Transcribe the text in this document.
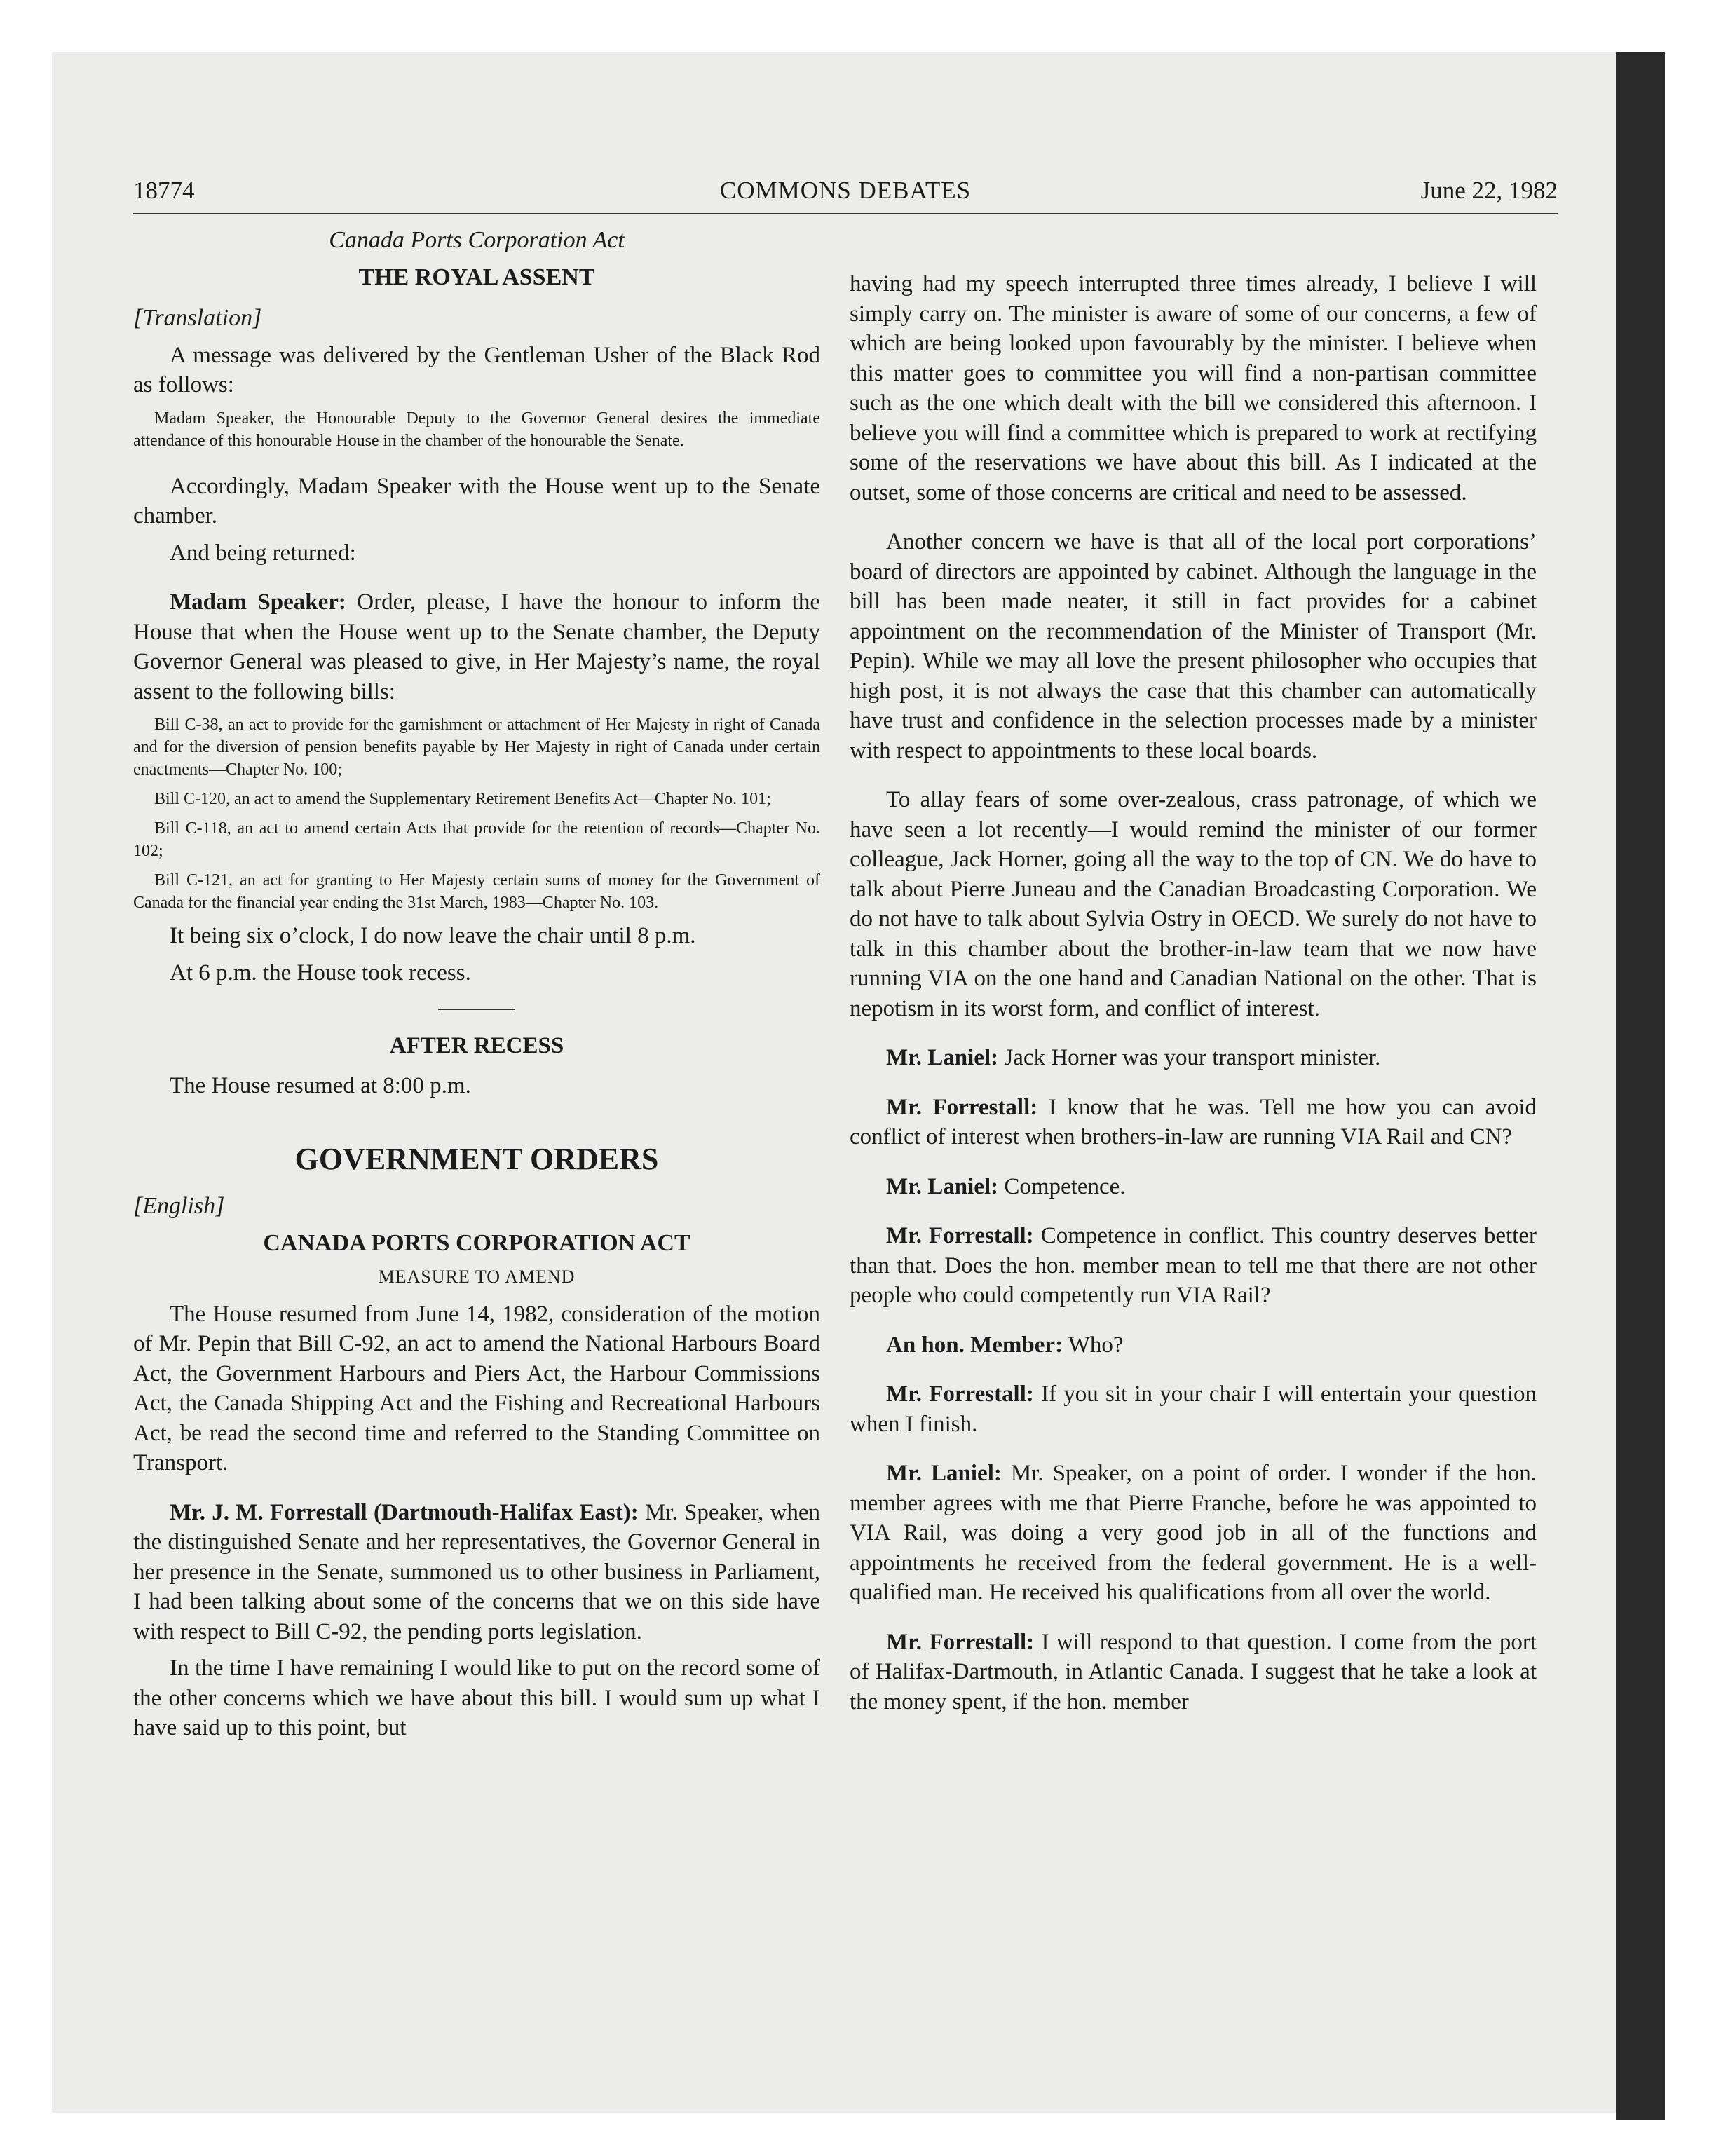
18774	COMMONS DEBATES	June 22, 1982

Canada Ports Corporation Act

THE ROYAL ASSENT

[Translation]

A message was delivered by the Gentleman Usher of the Black Rod as follows:

Madam Speaker, the Honourable Deputy to the Governor General desires the immediate attendance of this honourable House in the chamber of the honourable the Senate.

Accordingly, Madam Speaker with the House went up to the Senate chamber.

And being returned:

Madam Speaker: Order, please, I have the honour to inform the House that when the House went up to the Senate chamber, the Deputy Governor General was pleased to give, in Her Majesty’s name, the royal assent to the following bills:

Bill C-38, an act to provide for the garnishment or attachment of Her Majesty in right of Canada and for the diversion of pension benefits payable by Her Majesty in right of Canada under certain enactments—Chapter No. 100;

Bill C-120, an act to amend the Supplementary Retirement Benefits Act—Chapter No. 101;

Bill C-118, an act to amend certain Acts that provide for the retention of records—Chapter No. 102;

Bill C-121, an act for granting to Her Majesty certain sums of money for the Government of Canada for the financial year ending the 31st March, 1983—Chapter No. 103.

It being six o’clock, I do now leave the chair until 8 p.m.

At 6 p.m. the House took recess.

AFTER RECESS

The House resumed at 8:00 p.m.

GOVERNMENT ORDERS

[English]

CANADA PORTS CORPORATION ACT

MEASURE TO AMEND

The House resumed from June 14, 1982, consideration of the motion of Mr. Pepin that Bill C-92, an act to amend the National Harbours Board Act, the Government Harbours and Piers Act, the Harbour Commissions Act, the Canada Shipping Act and the Fishing and Recreational Harbours Act, be read the second time and referred to the Standing Committee on Transport.

Mr. J. M. Forrestall (Dartmouth-Halifax East): Mr. Speaker, when the distinguished Senate and her representatives, the Governor General in her presence in the Senate, summoned us to other business in Parliament, I had been talking about some of the concerns that we on this side have with respect to Bill C-92, the pending ports legislation.

In the time I have remaining I would like to put on the record some of the other concerns which we have about this bill. I would sum up what I have said up to this point, but

having had my speech interrupted three times already, I believe I will simply carry on. The minister is aware of some of our concerns, a few of which are being looked upon favourably by the minister. I believe when this matter goes to committee you will find a non-partisan committee such as the one which dealt with the bill we considered this afternoon. I believe you will find a committee which is prepared to work at rectifying some of the reservations we have about this bill. As I indicated at the outset, some of those concerns are critical and need to be assessed.

Another concern we have is that all of the local port corporations’ board of directors are appointed by cabinet. Although the language in the bill has been made neater, it still in fact provides for a cabinet appointment on the recommendation of the Minister of Transport (Mr. Pepin). While we may all love the present philosopher who occupies that high post, it is not always the case that this chamber can automatically have trust and confidence in the selection processes made by a minister with respect to appointments to these local boards.

To allay fears of some over-zealous, crass patronage, of which we have seen a lot recently—I would remind the minister of our former colleague, Jack Horner, going all the way to the top of CN. We do have to talk about Pierre Juneau and the Canadian Broadcasting Corporation. We do not have to talk about Sylvia Ostry in OECD. We surely do not have to talk in this chamber about the brother-in-law team that we now have running VIA on the one hand and Canadian National on the other. That is nepotism in its worst form, and conflict of interest.

Mr. Laniel: Jack Horner was your transport minister.

Mr. Forrestall: I know that he was. Tell me how you can avoid conflict of interest when brothers-in-law are running VIA Rail and CN?

Mr. Laniel: Competence.

Mr. Forrestall: Competence in conflict. This country deserves better than that. Does the hon. member mean to tell me that there are not other people who could competently run VIA Rail?

An hon. Member: Who?

Mr. Forrestall: If you sit in your chair I will entertain your question when I finish.

Mr. Laniel: Mr. Speaker, on a point of order. I wonder if the hon. member agrees with me that Pierre Franche, before he was appointed to VIA Rail, was doing a very good job in all of the functions and appointments he received from the federal government. He is a well-qualified man. He received his qualifications from all over the world.

Mr. Forrestall: I will respond to that question. I come from the port of Halifax-Dartmouth, in Atlantic Canada. I suggest that he take a look at the money spent, if the hon. member
